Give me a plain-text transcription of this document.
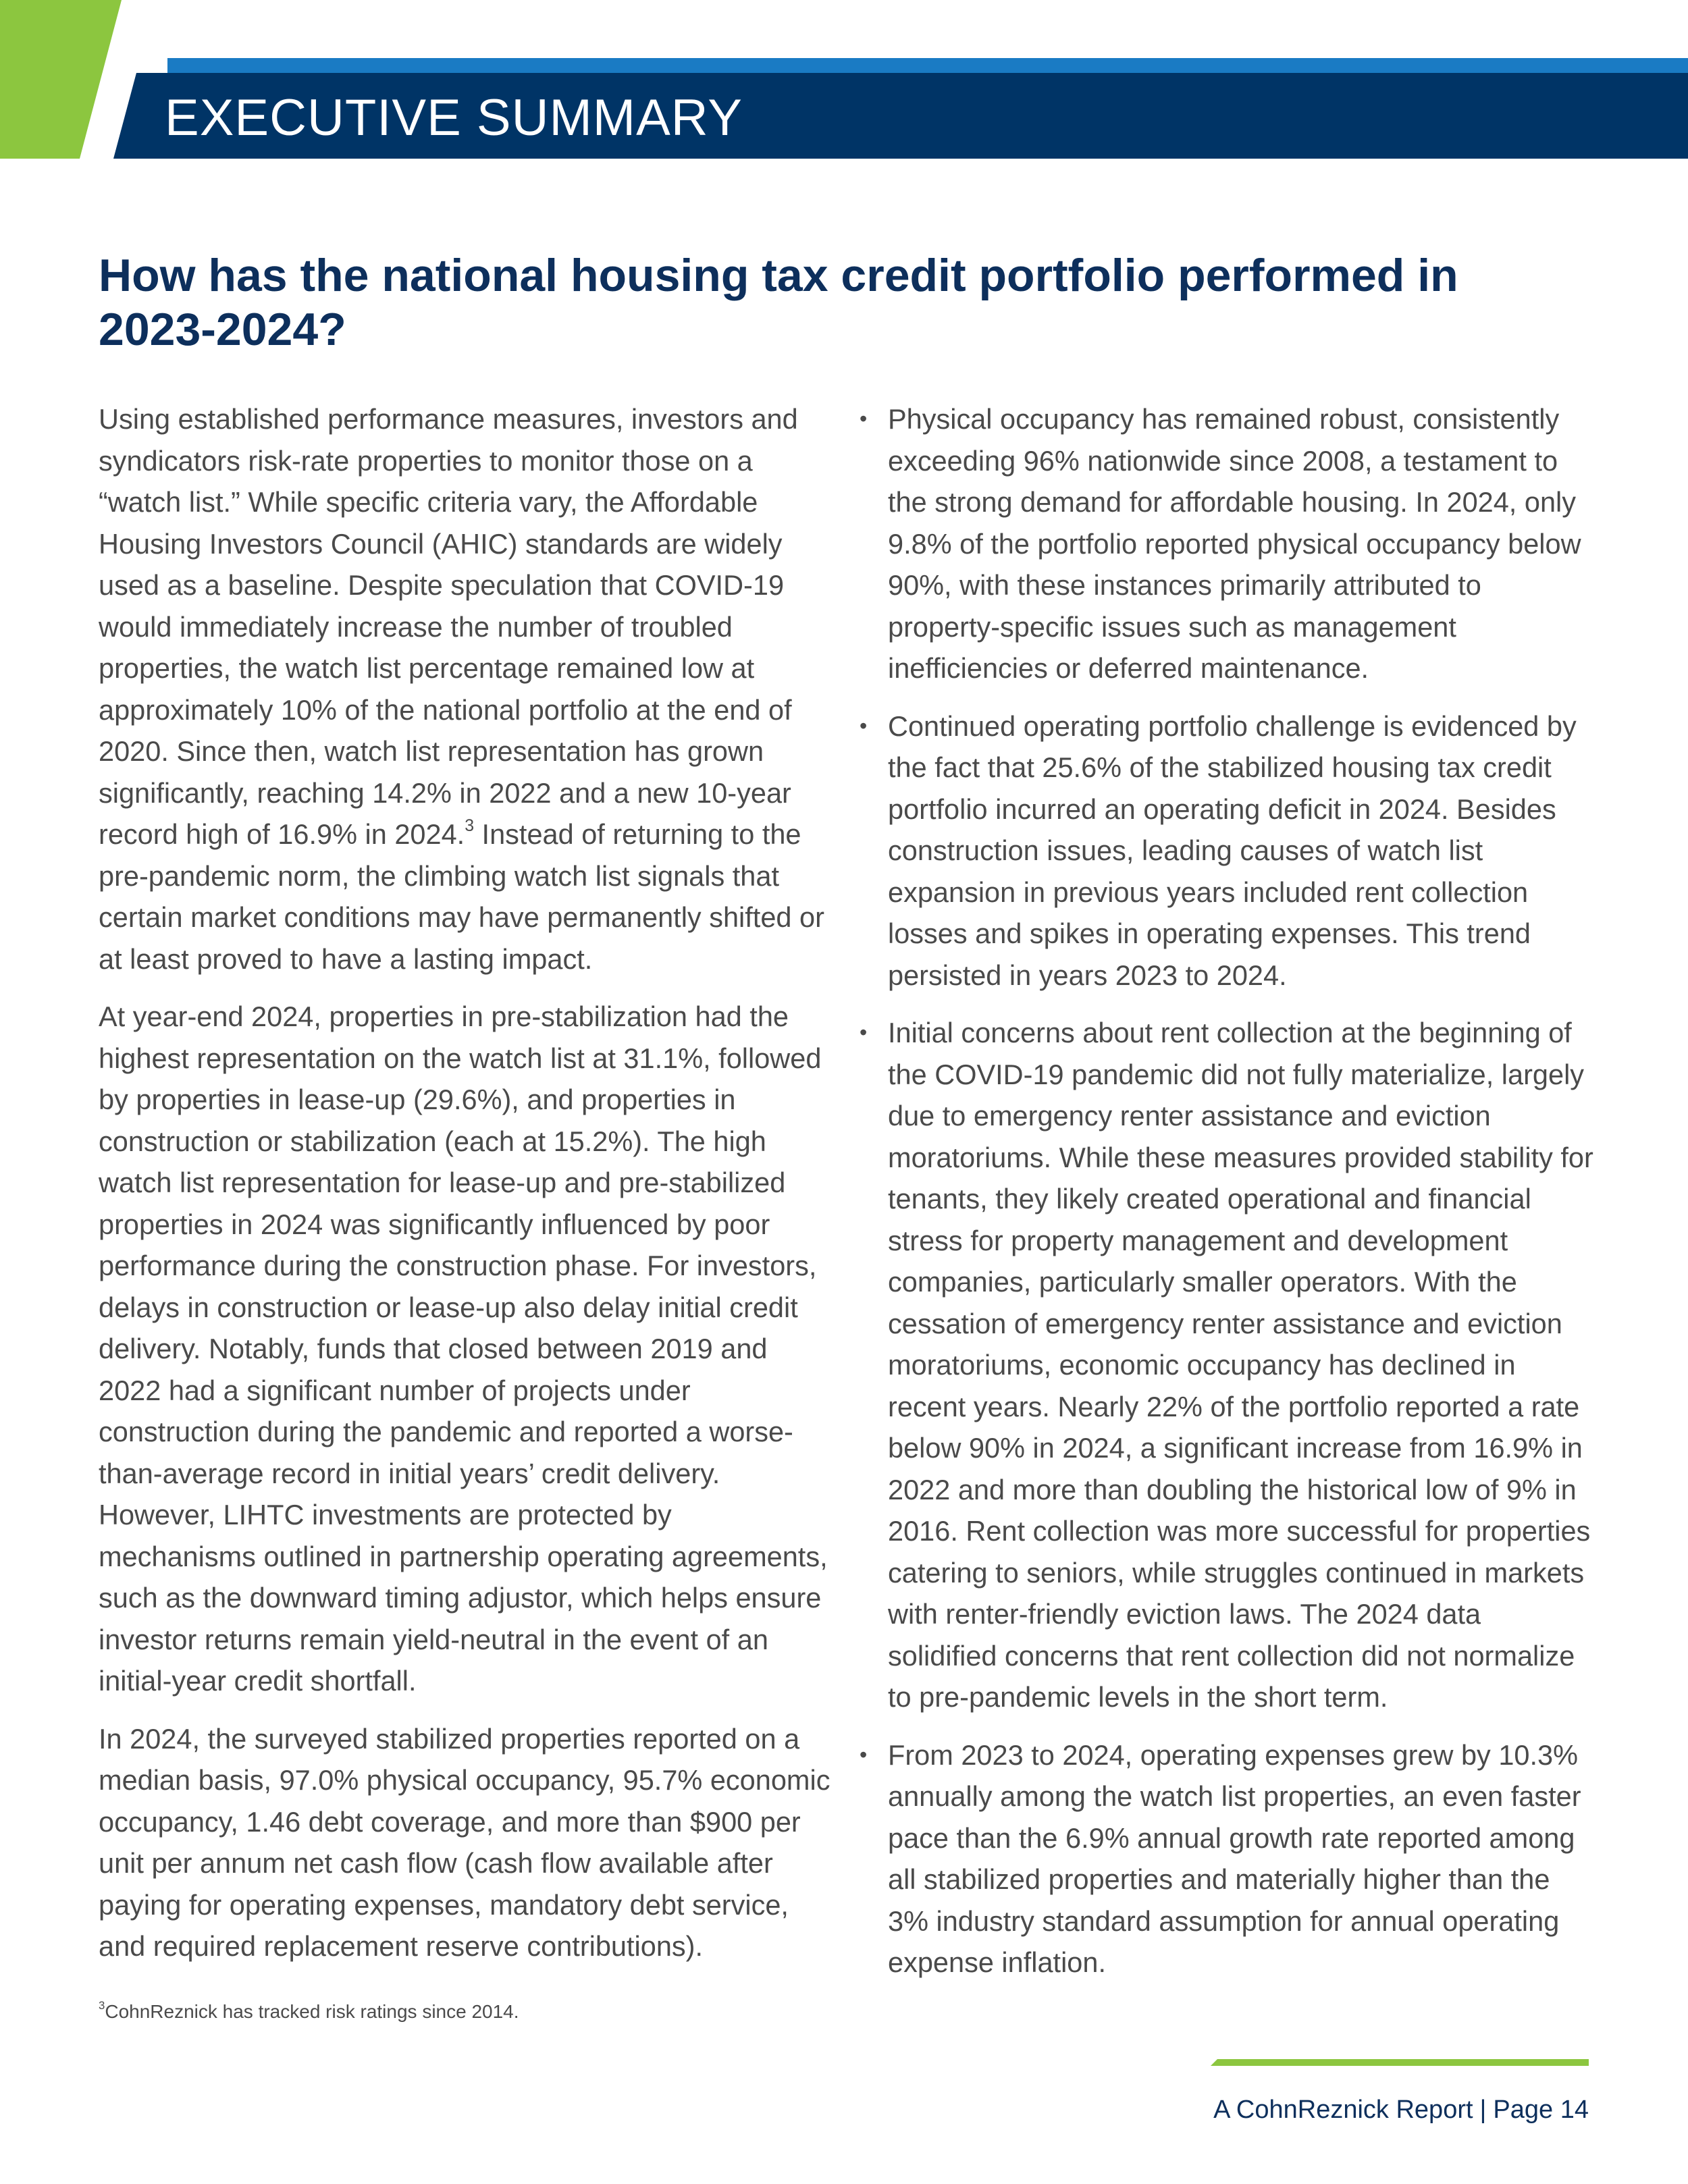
EXECUTIVE SUMMARY
How has the national housing tax credit portfolio performed in 2023-2024?

Using established performance measures, investors and syndicators risk-rate properties to monitor those on a “watch list.” While specific criteria vary, the Affordable Housing Investors Council (AHIC) standards are widely used as a baseline. Despite speculation that COVID-19 would immediately increase the number of troubled properties, the watch list percentage remained low at approximately 10% of the national portfolio at the end of 2020. Since then, watch list representation has grown significantly, reaching 14.2% in 2022 and a new 10-year record high of 16.9% in 2024.$^3$ Instead of returning to the pre-pandemic norm, the climbing watch list signals that certain market conditions may have permanently shifted or at least proved to have a lasting impact.

At year-end 2024, properties in pre-stabilization had the highest representation on the watch list at 31.1%, followed by properties in lease-up (29.6%), and properties in construction or stabilization (each at 15.2%). The high watch list representation for lease-up and pre-stabilized properties in 2024 was significantly influenced by poor performance during the construction phase. For investors, delays in construction or lease-up also delay initial credit delivery. Notably, funds that closed between 2019 and 2022 had a significant number of projects under construction during the pandemic and reported a worse-than-average record in initial years’ credit delivery. However, LIHTC investments are protected by mechanisms outlined in partnership operating agreements, such as the downward timing adjustor, which helps ensure investor returns remain yield-neutral in the event of an initial-year credit shortfall.

In 2024, the surveyed stabilized properties reported on a median basis, 97.0% physical occupancy, 95.7% economic occupancy, 1.46 debt coverage, and more than $900 per unit per annum net cash flow (cash flow available after paying for operating expenses, mandatory debt service, and required replacement reserve contributions).

• Physical occupancy has remained robust, consistently exceeding 96% nationwide since 2008, a testament to the strong demand for affordable housing. In 2024, only 9.8% of the portfolio reported physical occupancy below 90%, with these instances primarily attributed to property-specific issues such as management inefficiencies or deferred maintenance.
• Continued operating portfolio challenge is evidenced by the fact that 25.6% of the stabilized housing tax credit portfolio incurred an operating deficit in 2024. Besides construction issues, leading causes of watch list expansion in previous years included rent collection losses and spikes in operating expenses. This trend persisted in years 2023 to 2024.
• Initial concerns about rent collection at the beginning of the COVID-19 pandemic did not fully materialize, largely due to emergency renter assistance and eviction moratoriums. While these measures provided stability for tenants, they likely created operational and financial stress for property management and development companies, particularly smaller operators. With the cessation of emergency renter assistance and eviction moratoriums, economic occupancy has declined in recent years. Nearly 22% of the portfolio reported a rate below 90% in 2024, a significant increase from 16.9% in 2022 and more than doubling the historical low of 9% in 2016. Rent collection was more successful for properties catering to seniors, while struggles continued in markets with renter-friendly eviction laws. The 2024 data solidified concerns that rent collection did not normalize to pre-pandemic levels in the short term.
• From 2023 to 2024, operating expenses grew by 10.3% annually among the watch list properties, an even faster pace than the 6.9% annual growth rate reported among all stabilized properties and materially higher than the 3% industry standard assumption for annual operating expense inflation.
$^3$CohnReznick has tracked risk ratings since 2014.
A CohnReznick Report | Page 14
